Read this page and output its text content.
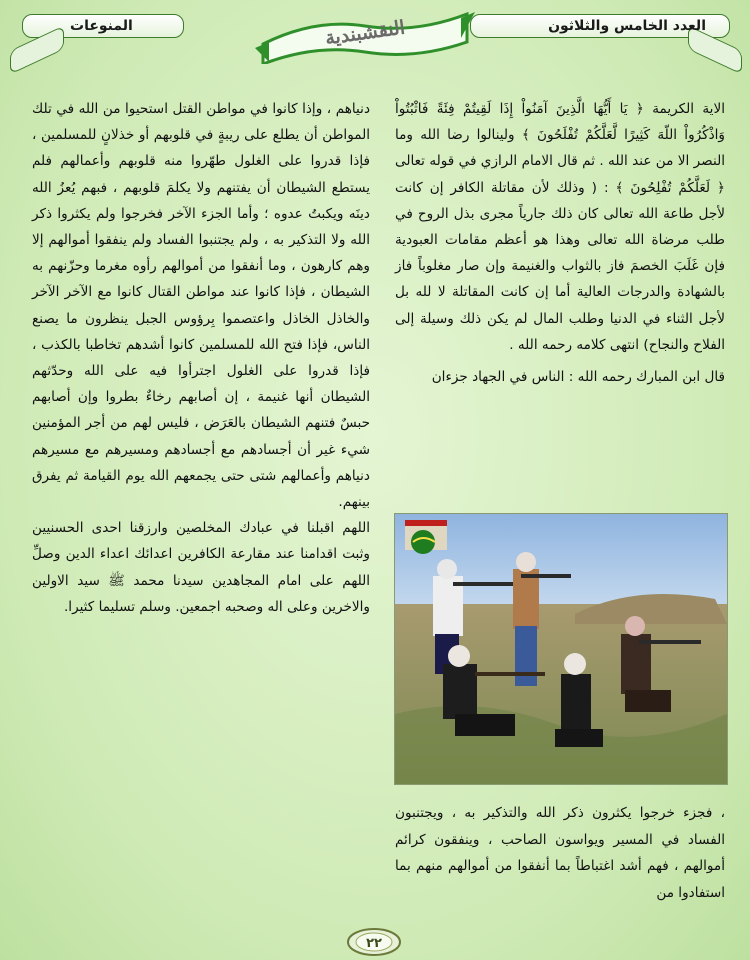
العدد الخامس والثلاثون
المنوعات	النقشبندية

الاية الكريمة ﴿ يَا أَيُّهَا الَّذِينَ آمَنُواْ إِذَا لَقِيتُمْ فِئَةً فَاثْبُتُواْ وَاذْكُرُواْ اللّهَ كَثِيرًا لَّعَلَّكُمْ تُفْلَحُونَ ﴾ ولينالوا رضا الله وما النصر الا من عند الله . ثم قال الامام الرازي في قوله تعالى ﴿ لَعَلَّكُمْ تُفْلِحُونَ ﴾ : ( وذلك لأن مقاتلة الكافر إن كانت لأجل طاعة الله تعالى كان ذلك جارياً مجرى بذل الروح في طلب مرضاة الله تعالى وهذا هو أعظم مقامات العبودية فإن غَلَبَ الخصمَ فاز بالثواب والغنيمة وإن صار مغلوباً فاز بالشهادة والدرجات العالية أما إن كانت المقاتلة لا لله بل لأجل الثناء في الدنيا وطلب المال لم يكن ذلك وسيلة إلى الفلاح والنجاح) انتهى كلامه رحمه الله .

قال ابن المبارك رحمه الله : الناس في الجهاد جزءان

، فجزء خرجوا يكثرون ذكر الله والتذكير به ، ويجتنبون الفساد في المسير ويواسون الصاحب ، وينفقون كرائم أموالهم ، فهم أشد اغتباطاً بما أنفقوا من أموالهم منهم بما استفادوا من

دنياهم ، وإذا كانوا في مواطن القتل استحيوا من الله في تلك المواطن أن يطلع على ريبةٍ في قلوبهم أو خذلانٍ للمسلمين ، فإذا قدروا على الغلول طهّروا منه قلوبهم وأعمالهم فلم يستطع الشيطان أن يفتنهم ولا يكلمَ قلوبهم ، فبهم يُعزُ الله دينَه ويكبتُ عدوه ؛ وأما الجزء الآخر فخرجوا ولم يكثروا ذكر الله ولا التذكير به ، ولم يجتنبوا الفساد ولم ينفقوا أموالهم إلا وهم كارهون ، وما أنفقوا من أموالهم رأوه مغرما وحزّنهم به الشيطان ، فإذا كانوا عند مواطن القتال كانوا مع الآخر الآخر والخاذل الخاذل واعتصموا بِرؤوس الجبل ينظرون ما يصنع الناس، فإذا فتح الله للمسلمين كانوا أشدهم تخاطبا بالكذب ، فإذا قدروا على الغلول اجترأوا فيه على الله وحدّثهم الشيطان أنها غنيمة ، إن أصابهم رخاءٌ بطروا وإن أصابهم حبسٌ فتنهم الشيطان بالعَرَض ، فليس لهم من أجر المؤمنين شيء غير أن أجسادهم مع أجسادهم ومسيرهم مع مسيرهم دنياهم وأعمالهم شتى حتى يجمعهم الله يوم القيامة ثم يفرق بينهم.

اللهم اقبلنا في عبادك المخلصين وارزقنا احدى الحسنيين وثبت اقدامنا عند مقارعة الكافرين اعدائك اعداء الدين وصلِّ اللهم على امام المجاهدين سيدنا محمد ﷺ سيد الاولين والاخرين وعلى اله وصحبه اجمعين. وسلم تسليما كثيرا.

٢٢
